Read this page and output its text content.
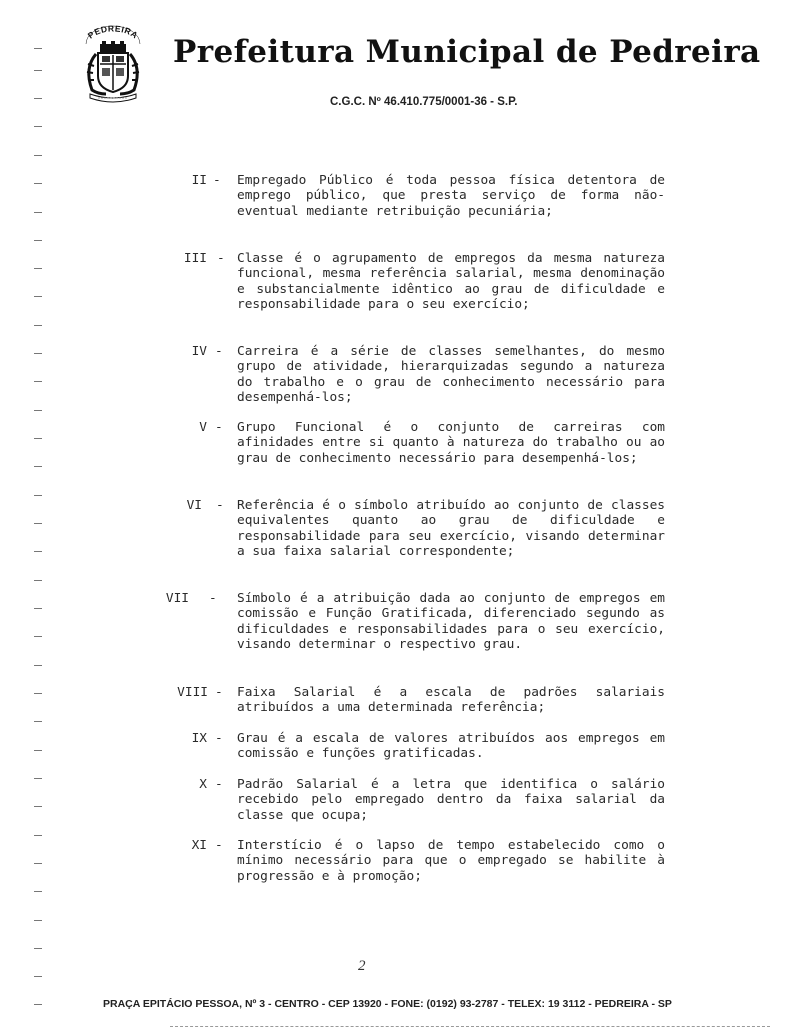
PEDREIRA Prefeitura Municipal de Pedreira
C.G.C. Nº 46.410.775/0001-36 - S.P.
II - Empregado Público é toda pessoa física detentora de emprego público, que presta serviço de forma não-eventual mediante retribuição pecuniária;
III - Classe é o agrupamento de empregos da mesma natureza funcional, mesma referência salarial, mesma denominação e substancialmente idêntico ao grau de dificuldade e responsabilidade para o seu exercício;
IV - Carreira é a série de classes semelhantes, do mesmo grupo de atividade, hierarquizadas segundo a natureza do trabalho e o grau de conhecimento necessário para desempenhá-los;
V - Grupo Funcional é o conjunto de carreiras com afinidades entre si quanto à natureza do trabalho ou ao grau de conhecimento necessário para desempenhá-los;
VI - Referência é o símbolo atribuído ao conjunto de classes equivalentes quanto ao grau de dificuldade e responsabilidade para seu exercício, visando determinar a sua faixa salarial correspondente;
VII - Símbolo é a atribuição dada ao conjunto de empregos em comissão e Função Gratificada, diferenciado segundo as dificuldades e responsabilidades para o seu exercício, visando determinar o respectivo grau.
VIII - Faixa Salarial é a escala de padrões salariais atribuídos a uma determinada referência;
IX - Grau é a escala de valores atribuídos aos empregos em comissão e funções gratificadas.
X - Padrão Salarial é a letra que identifica o salário recebido pelo empregado dentro da faixa salarial da classe que ocupa;
XI - Interstício é o lapso de tempo estabelecido como o mínimo necessário para que o empregado se habilite à progressão e à promoção;
2
PRAÇA EPITÁCIO PESSOA, Nº 3 - CENTRO - CEP 13920 - FONE: (0192) 93-2787 - TELEX: 19 3112 - PEDREIRA - SP
